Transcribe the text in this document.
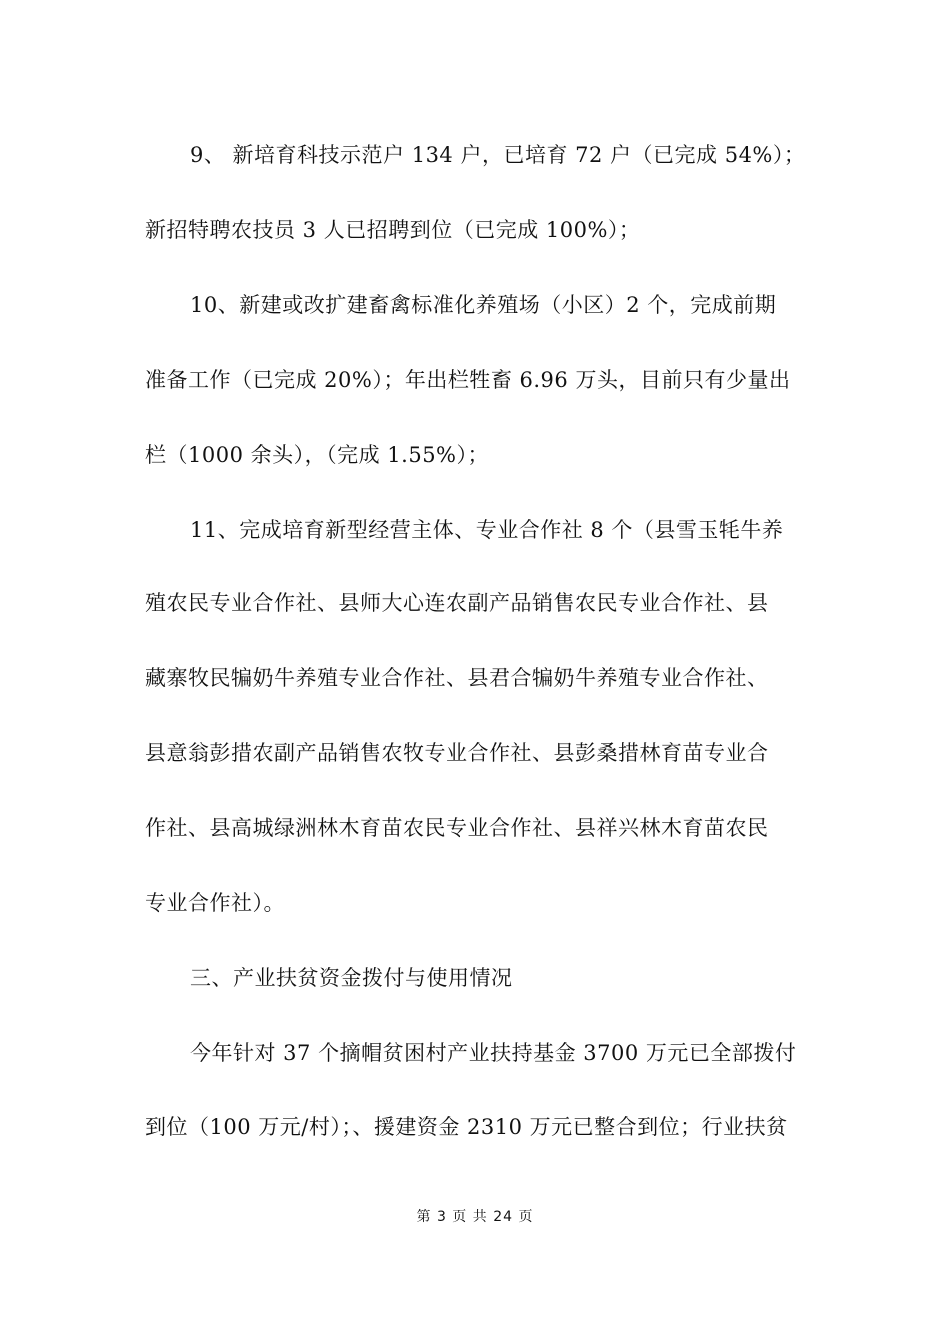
9、 新培育科技示范户 134 户，已培育 72 户（已完成 54%）；
新招特聘农技员 3 人已招聘到位（已完成 100%）；
10、新建或改扩建畜禽标准化养殖场（小区）2 个，完成前期
准备工作（已完成 20%）；年出栏牲畜 6.96 万头，目前只有少量出
栏（1000 余头），（完成 1.55%）；
11、完成培育新型经营主体、专业合作社 8 个（县雪玉牦牛养
殖农民专业合作社、县师大心连农副产品销售农民专业合作社、县
藏寨牧民犏奶牛养殖专业合作社、县君合犏奶牛养殖专业合作社、
县意翁彭措农副产品销售农牧专业合作社、县彭桑措林育苗专业合
作社、县高城绿洲林木育苗农民专业合作社、县祥兴林木育苗农民
专业合作社）。
三、产业扶贫资金拨付与使用情况
今年针对 37 个摘帽贫困村产业扶持基金 3700 万元已全部拨付
到位（100 万元/村）；、援建资金 2310 万元已整合到位；行业扶贫
第 3 页 共 24 页
